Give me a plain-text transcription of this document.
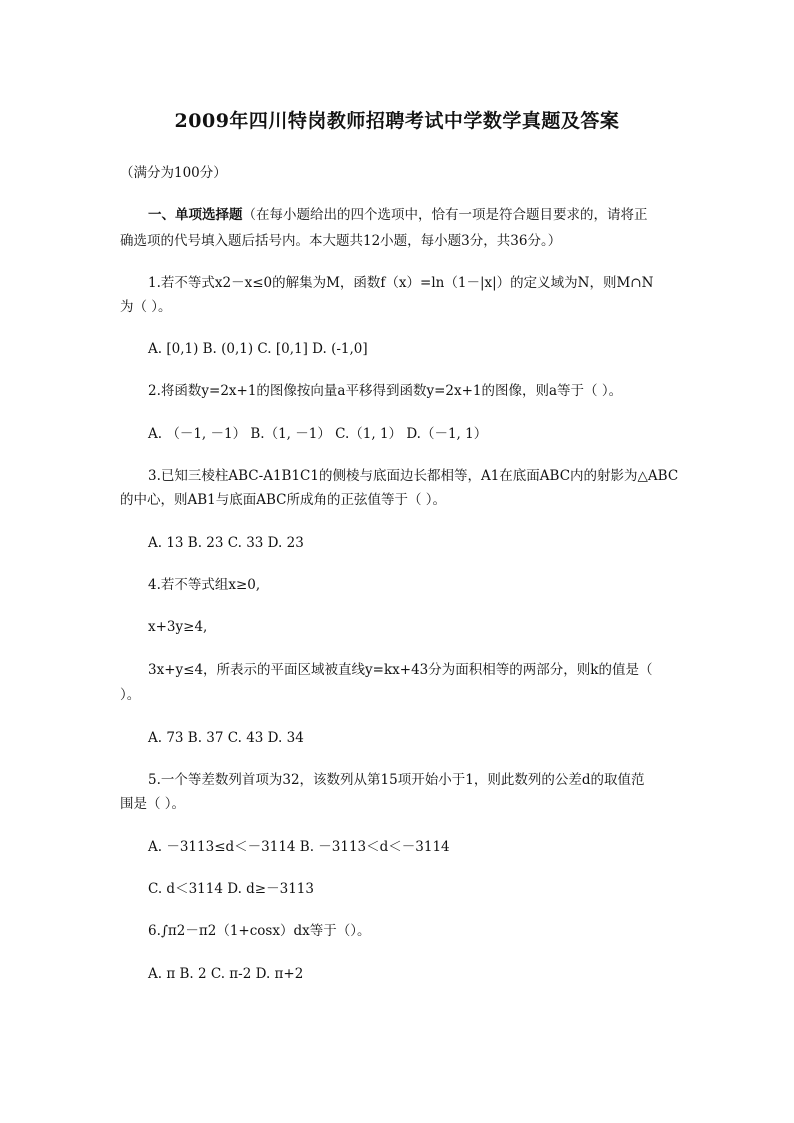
2009年四川特岗教师招聘考试中学数学真题及答案

（满分为100分）

一、单项选择题（在每小题给出的四个选项中，恰有一项是符合题目要求的，请将正

确选项的代号填入题后括号内。本大题共12小题，每小题3分，共36分。）

1.若不等式x2－x≤0的解集为M，函数f（x）=ln（1－|x|）的定义域为N，则M∩N

为（ ）。

A. [0,1) B. (0,1) C. [0,1] D. (-1,0]

2.将函数y=2x+1的图像按向量a平移得到函数y=2x+1的图像，则a等于（ ）。

A. （－1, －1） B.（1, －1） C.（1, 1） D.（－1, 1）

3.已知三棱柱ABC-A1B1C1的侧棱与底面边长都相等，A1在底面ABC内的射影为△ABC

的中心，则AB1与底面ABC所成角的正弦值等于（ ）。

A. 13 B. 23 C. 33 D. 23

4.若不等式组x≥0,

x+3y≥4,

3x+y≤4，所表示的平面区域被直线y=kx+43分为面积相等的两部分，则k的值是（

）。

A. 73 B. 37 C. 43 D. 34

5.一个等差数列首项为32，该数列从第15项开始小于1，则此数列的公差d的取值范

围是（ ）。

A. －3113≤d＜－3114 B. －3113＜d＜－3114

C. d＜3114 D. d≥－3113

6.∫π2－π2（1+cosx）dx等于（）。

A. π B. 2 C. π-2 D. π+2
